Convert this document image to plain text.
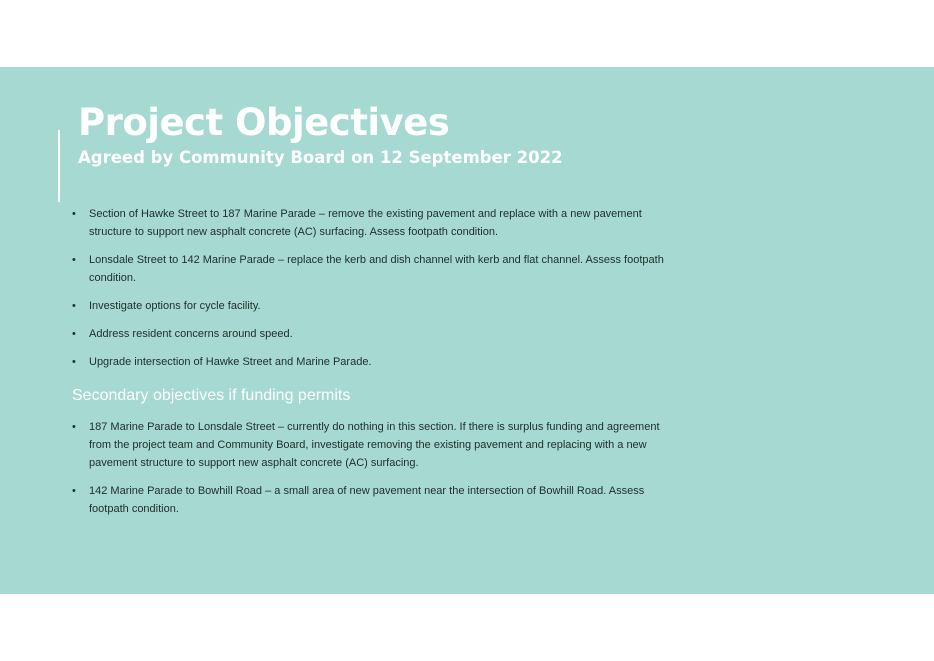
Project Objectives
Agreed by Community Board on 12 September 2022
•	Section of Hawke Street to 187 Marine Parade – remove the existing pavement and replace with a new pavement structure to support new asphalt concrete (AC) surfacing. Assess footpath condition.
•	Lonsdale Street to 142 Marine Parade – replace the kerb and dish channel with kerb and flat channel. Assess footpath condition.
•	Investigate options for cycle facility.
•	Address resident concerns around speed.
•	Upgrade intersection of Hawke Street and Marine Parade.
Secondary objectives if funding permits
•	187 Marine Parade to Lonsdale Street – currently do nothing in this section. If there is surplus funding and agreement from the project team and Community Board, investigate removing the existing pavement and replacing with a new pavement structure to support new asphalt concrete (AC) surfacing.
•	142 Marine Parade to Bowhill Road – a small area of new pavement near the intersection of Bowhill Road. Assess footpath condition.
